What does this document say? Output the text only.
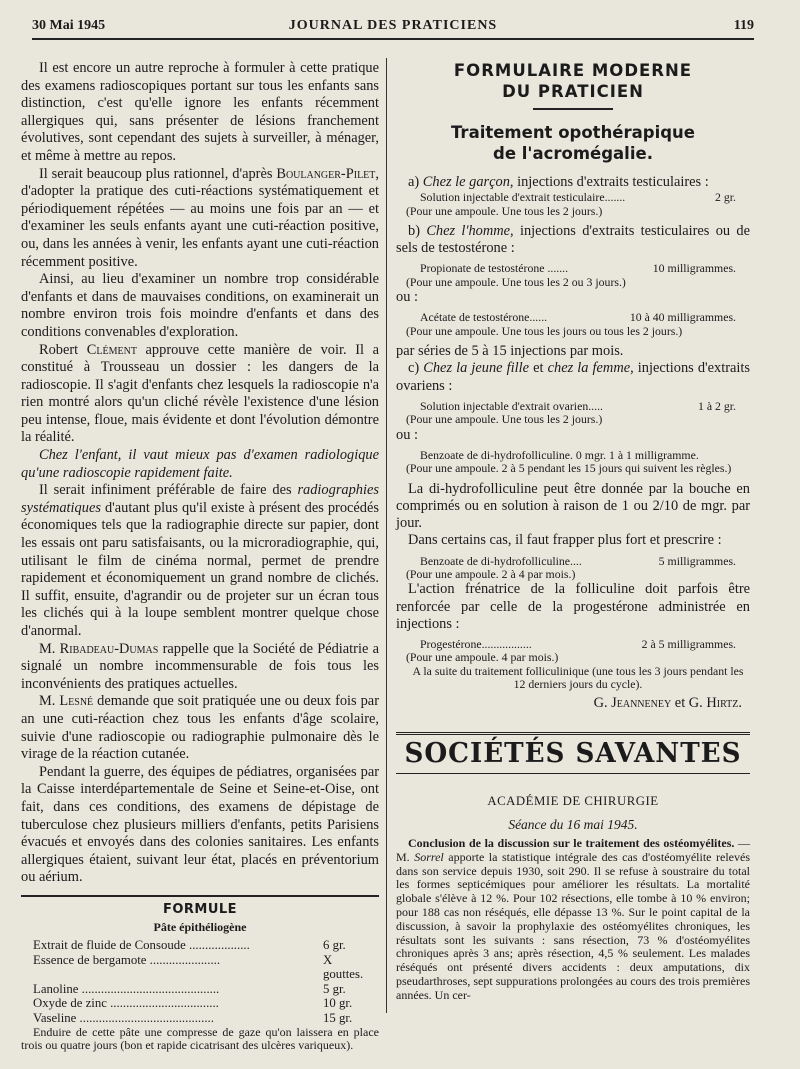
30 Mai 1945	JOURNAL DES PRATICIENS	119

Il est encore un autre reproche à formuler à cette pratique des examens radioscopiques portant sur tous les enfants sans distinction, c'est qu'elle ignore les enfants récemment allergiques qui, sans présenter de lésions franchement évolutives, sont cependant des sujets à surveiller, à ménager, et même à mettre au repos.

Il serait beaucoup plus rationnel, d'après Boulanger-Pilet, d'adopter la pratique des cuti-réactions systématiquement et périodiquement répétées — au moins une fois par an — et d'examiner les seuls enfants ayant une cuti-réaction positive, ou, dans les années à venir, les enfants ayant une cuti-réaction récemment positive.

Ainsi, au lieu d'examiner un nombre trop considérable d'enfants et dans de mauvaises conditions, on examinerait un nombre environ trois fois moindre d'enfants et dans des conditions convenables d'exploration.

Robert Clément approuve cette manière de voir. Il a constitué à Trousseau un dossier : les dangers de la radioscopie. Il s'agit d'enfants chez lesquels la radioscopie n'a rien montré alors qu'un cliché révèle l'existence d'une lésion peu intense, floue, mais évidente et dont l'évolution démontre la réalité.

Chez l'enfant, il vaut mieux pas d'examen radiologique qu'une radioscopie rapidement faite.

Il serait infiniment préférable de faire des radiographies systématiques d'autant plus qu'il existe à présent des procédés économiques tels que la radiographie directe sur papier, dont les essais ont paru satisfaisants, ou la microradiographie, qui, utilisant le film de cinéma normal, permet de prendre rapidement et économiquement un grand nombre de clichés. Il suffit, ensuite, d'agrandir ou de projeter sur un écran tous les clichés qui à la loupe semblent montrer quelque chose d'anormal.

M. Ribadeau-Dumas rappelle que la Société de Pédiatrie a signalé un nombre incommensurable de fois tous les inconvénients des pratiques actuelles.

M. Lesné demande que soit pratiquée une ou deux fois par an une cuti-réaction chez tous les enfants d'âge scolaire, suivie d'une radioscopie ou radiographie pulmonaire dès le virage de la réaction cutanée.

Pendant la guerre, des équipes de pédiatres, organisées par la Caisse interdépartementale de Seine et Seine-et-Oise, ont fait, dans ces conditions, des examens de dépistage de tuberculose chez plusieurs milliers d'enfants, petits Parisiens évacués et envoyés dans des colonies sanitaires. Les enfants allergiques étaient, suivant leur état, placés en préventorium ou aérium.

FORMULE
Pâte épithéliogène
Extrait de fluide de Consoude ...................	6 gr.
Essence de bergamote ......................	X gouttes.
Lanoline ...........................................	5 gr.
Oxyde de zinc ..................................	10 gr.
Vaseline ..........................................	15 gr.

Enduire de cette pâte une compresse de gaze qu'on laissera en place trois ou quatre jours (bon et rapide cicatrisant des ulcères variqueux).

FORMULAIRE MODERNE
DU PRATICIEN
Traitement opothérapique
de l'acromégalie.

a) Chez le garçon, injections d'extraits testiculaires :

Solution injectable d'extrait testiculaire.......	2 gr.
(Pour une ampoule. Une tous les 2 jours.)

b) Chez l'homme, injections d'extraits testiculaires ou de sels de testostérone :

Propionate de testostérone .......	10 milligrammes.
(Pour une ampoule. Une tous les 2 ou 3 jours.)

ou :

Acétate de testostérone......	10 à 40 milligrammes.
(Pour une ampoule. Une tous les jours ou tous les 2 jours.)

par séries de 5 à 15 injections par mois.

c) Chez la jeune fille et chez la femme, injections d'extraits ovariens :

Solution injectable d'extrait ovarien.....	1 à 2 gr.
(Pour une ampoule. Une tous les 2 jours.)

ou :

Benzoate de di-hydrofolliculine. 0 mgr. 1 à 1 milligramme.
(Pour une ampoule. 2 à 5 pendant les 15 jours qui suivent les règles.)

La di-hydrofolliculine peut être donnée par la bouche en comprimés ou en solution à raison de 1 ou 2/10 de mgr. par jour.

Dans certains cas, il faut frapper plus fort et prescrire :

Benzoate de di-hydrofolliculine....	5 milligrammes.
(Pour une ampoule. 2 à 4 par mois.)

L'action frénatrice de la folliculine doit parfois être renforcée par celle de la progestérone administrée en injections :

Progestérone.................	2 à 5 milligrammes.
(Pour une ampoule. 4 par mois.)
A la suite du traitement folliculinique (une tous les 3 jours pendant les 12 derniers jours du cycle).
G. Jeanneney et G. Hirtz.
SOCIÉTÉS SAVANTES
ACADÉMIE DE CHIRURGIE
Séance du 16 mai 1945.

Conclusion de la discussion sur le traitement des ostéomyélites. — M. Sorrel apporte la statistique intégrale des cas d'ostéomyélite relevés dans son service depuis 1930, soit 290. Il se refuse à soustraire du total les formes septicémiques pour améliorer les résultats. La mortalité globale s'élève à 12 %. Pour 102 résections, elle tombe à 10 % environ; pour 188 cas non réséqués, elle dépasse 13 %. Sur le point capital de la discussion, à savoir la prophylaxie des ostéomyélites chroniques, les résultats sont les suivants : sans résection, 73 % d'ostéomyélites chroniques après 3 ans; après résection, 4,5 % seulement. Les malades réséqués ont présenté divers accidents : deux amputations, dix pseudarthroses, sept suppurations prolongées au cours des trois premières années. Un cer-
